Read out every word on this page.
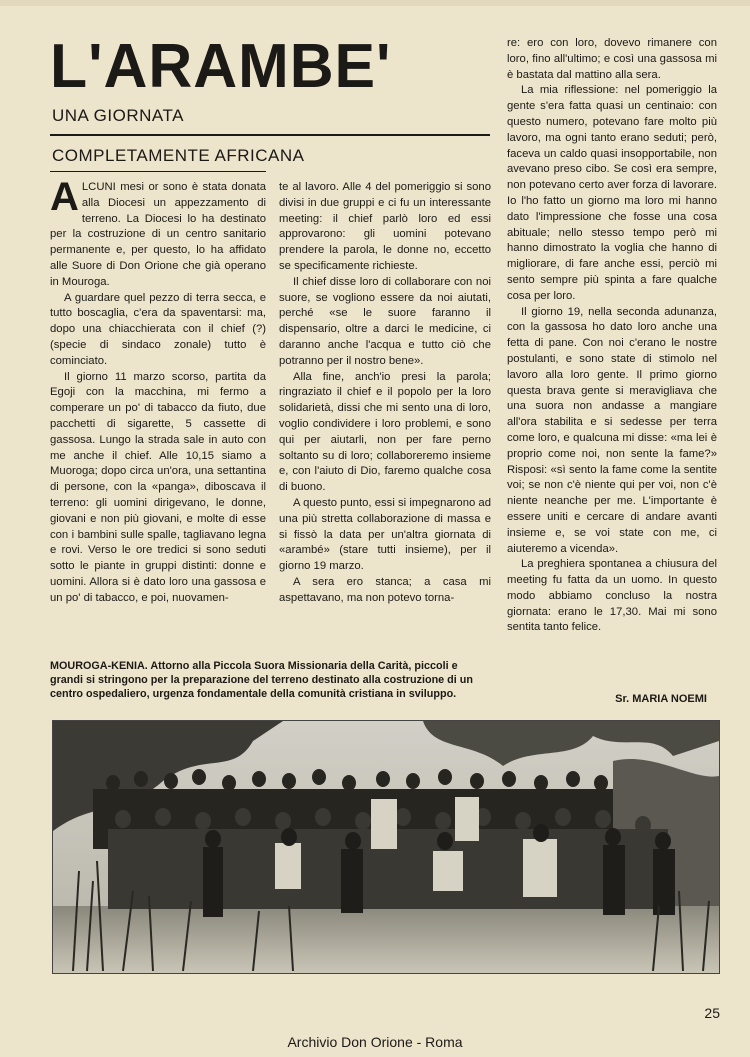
L'ARAMBE'
UNA GIORNATA
COMPLETAMENTE AFRICANA

ALCUNI mesi or sono è stata donata alla Diocesi un appezzamento di terreno. La Diocesi lo ha destinato per la costruzione di un centro sanitario permanente e, per questo, lo ha affidato alle Suore di Don Orione che già operano in Mouroga.

A guardare quel pezzo di terra secca, e tutto boscaglia, c'era da spaventarsi: ma, dopo una chiacchierata con il chief (?) (specie di sindaco zonale) tutto è cominciato.

Il giorno 11 marzo scorso, partita da Egoji con la macchina, mi fermo a comperare un po' di tabacco da fiuto, due pacchetti di sigarette, 5 cassette di gassosa. Lungo la strada sale in auto con me anche il chief. Alle 10,15 siamo a Muoroga; dopo circa un'ora, una settantina di persone, con la «panga», diboscava il terreno: gli uomini dirigevano, le donne, giovani e non più giovani, e molte di esse con i bambini sulle spalle, tagliavano legna e rovi. Verso le ore tredici si sono seduti sotto le piante in gruppi distinti: donne e uomini. Allora si è dato loro una gassosa e un po' di tabacco, e poi, nuovamen-

te al lavoro. Alle 4 del pomeriggio si sono divisi in due gruppi e ci fu un interessante meeting: il chief parlò loro ed essi approvarono: gli uomini potevano prendere la parola, le donne no, eccetto se specificamente richieste.

Il chief disse loro di collaborare con noi suore, se vogliono essere da noi aiutati, perché «se le suore faranno il dispensario, oltre a darci le medicine, ci daranno anche l'acqua e tutto ciò che potranno per il nostro bene».

Alla fine, anch'io presi la parola; ringraziato il chief e il popolo per la loro solidarietà, dissi che mi sento una di loro, voglio condividere i loro problemi, e sono qui per aiutarli, non per fare perno soltanto su di loro; collaboreremo insieme e, con l'aiuto di Dio, faremo qualche cosa di buono.

A questo punto, essi si impegnarono ad una più stretta collaborazione di massa e si fissò la data per un'altra giornata di «arambé» (stare tutti insieme), per il giorno 19 marzo.

A sera ero stanca; a casa mi aspettavano, ma non potevo torna-

re: ero con loro, dovevo rimanere con loro, fino all'ultimo; e così una gassosa mi è bastata dal mattino alla sera.

La mia riflessione: nel pomeriggio la gente s'era fatta quasi un centinaio: con questo numero, potevano fare molto più lavoro, ma ogni tanto erano seduti; però, faceva un caldo quasi insopportabile, non avevano preso cibo. Se così era sempre, non potevano certo aver forza di lavorare. Io l'ho fatto un giorno ma loro mi hanno dato l'impressione che fosse una cosa abituale; nello stesso tempo però mi hanno dimostrato la voglia che hanno di migliorare, di fare anche essi, perciò mi sento sempre più spinta a fare qualche cosa per loro.

Il giorno 19, nella seconda adunanza, con la gassosa ho dato loro anche una fetta di pane. Con noi c'erano le nostre postulanti, e sono state di stimolo nel lavoro alla loro gente. Il primo giorno questa brava gente si meravigliava che una suora non andasse a mangiare all'ora stabilita e si sedesse per terra come loro, e qualcuna mi disse: «ma lei è proprio come noi, non sente la fame?» Risposi: «sì sento la fame come la sentite voi; se non c'è niente qui per voi, non c'è niente neanche per me. L'importante è essere uniti e cercare di andare avanti insieme e, se voi state con me, ci aiuteremo a vicenda».

La preghiera spontanea a chiusura del meeting fu fatta da un uomo. In questo modo abbiamo concluso la nostra giornata: erano le 17,30. Mai mi sono sentita tanto felice.

Sr. MARIA NOEMI
MOUROGA-KENIA. Attorno alla Piccola Suora Missionaria della Carità, piccoli e grandi si stringono per la preparazione del terreno destinato alla costruzione di un centro ospedaliero, urgenza fondamentale della comunità cristiana in sviluppo.
25
Archivio Don Orione - Roma
